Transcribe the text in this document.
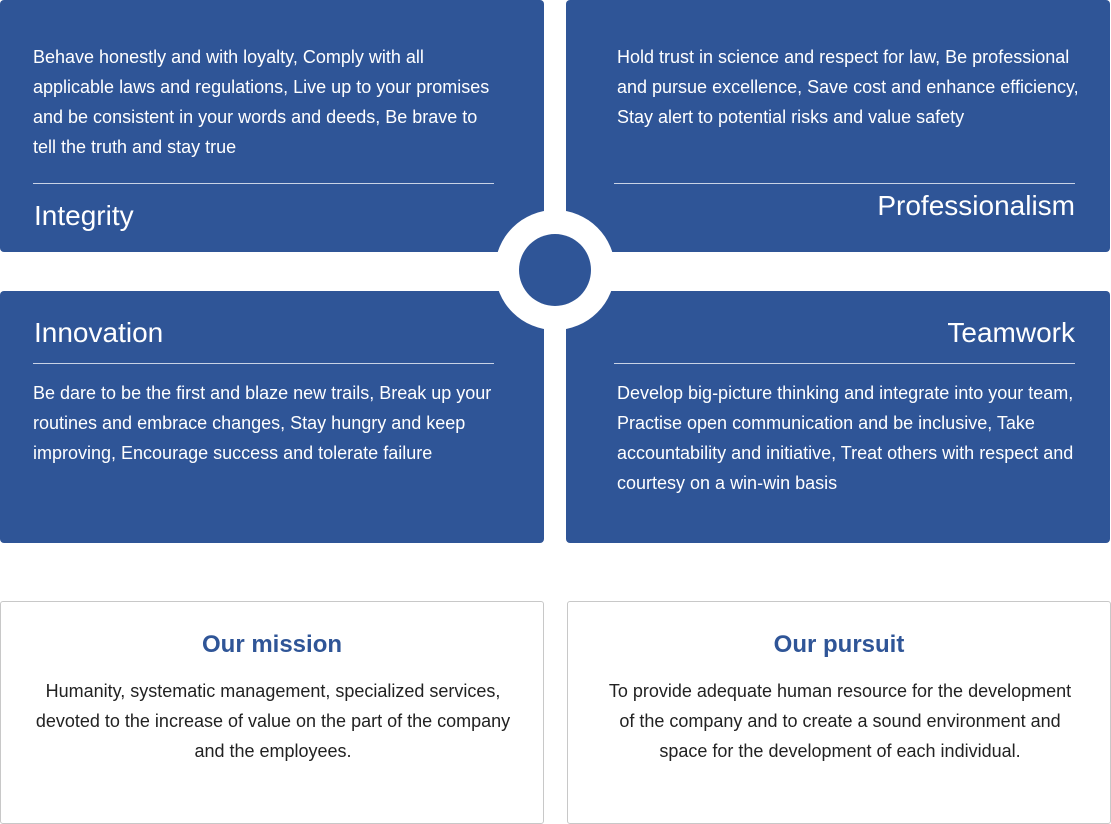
Behave honestly and with loyalty, Comply with all applicable laws and regulations, Live up to your promises and be consistent in your words and deeds, Be brave to tell the truth and stay true

Integrity

Hold trust in science and respect for law, Be professional and pursue excellence, Save cost and enhance efficiency, Stay alert to potential risks and value safety

Professionalism
Innovation

Be dare to be the first and blaze new trails, Break up your routines and embrace changes, Stay hungry and keep improving, Encourage success and tolerate failure

Teamwork

Develop big-picture thinking and integrate into your team, Practise open communication and be inclusive, Take accountability and initiative, Treat others with respect and courtesy on a win-win basis

Our mission

Humanity, systematic management, specialized services, devoted to the increase of value on the part of the company and the employees.

Our pursuit

To provide adequate human resource for the development of the company and to create a sound environment and space for the development of each individual.
